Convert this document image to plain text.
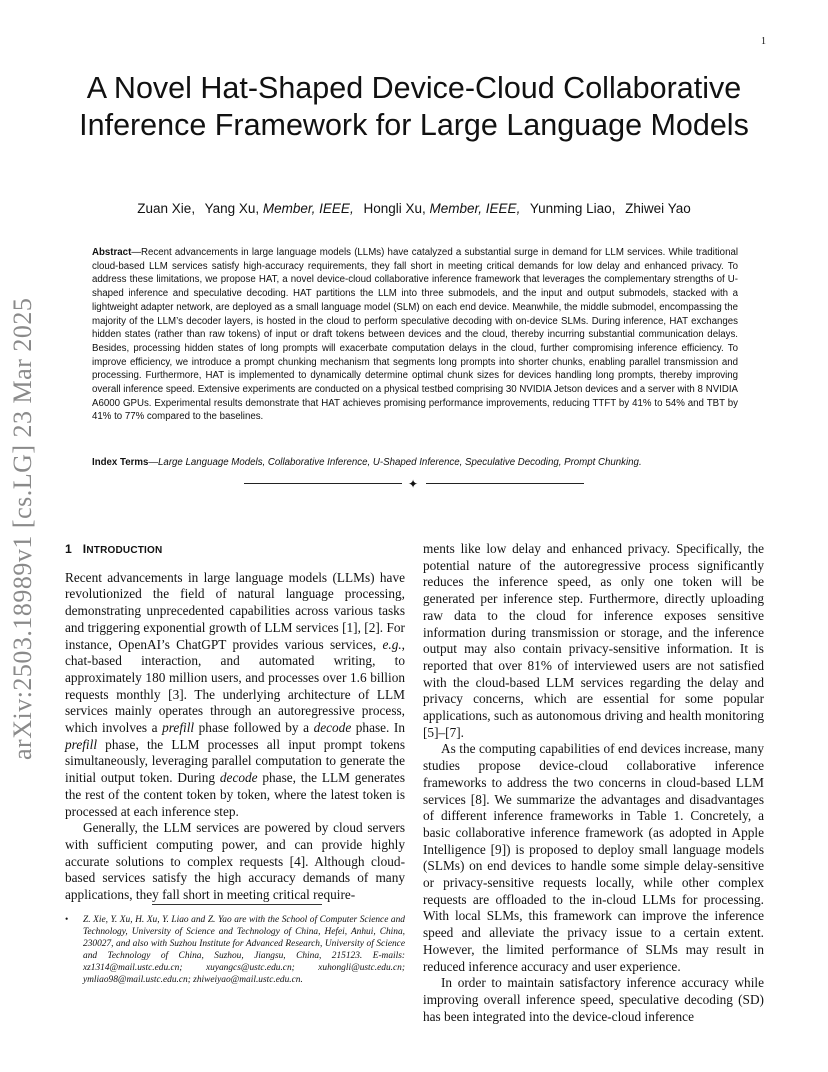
1
arXiv:2503.18989v1 [cs.LG] 23 Mar 2025
A Novel Hat-Shaped Device-Cloud Collaborative Inference Framework for Large Language Models
Zuan Xie, Yang Xu, Member, IEEE, Hongli Xu, Member, IEEE, Yunming Liao, Zhiwei Yao

Abstract—Recent advancements in large language models (LLMs) have catalyzed a substantial surge in demand for LLM services. While traditional cloud-based LLM services satisfy high-accuracy requirements, they fall short in meeting critical demands for low delay and enhanced privacy. To address these limitations, we propose HAT, a novel device-cloud collaborative inference framework that leverages the complementary strengths of U-shaped inference and speculative decoding. HAT partitions the LLM into three submodels, and the input and output submodels, stacked with a lightweight adapter network, are deployed as a small language model (SLM) on each end device. Meanwhile, the middle submodel, encompassing the majority of the LLM’s decoder layers, is hosted in the cloud to perform speculative decoding with on-device SLMs. During inference, HAT exchanges hidden states (rather than raw tokens) of input or draft tokens between devices and the cloud, thereby incurring substantial communication delays. Besides, processing hidden states of long prompts will exacerbate computation delays in the cloud, further compromising inference efficiency. To improve efficiency, we introduce a prompt chunking mechanism that segments long prompts into shorter chunks, enabling parallel transmission and processing. Furthermore, HAT is implemented to dynamically determine optimal chunk sizes for devices handling long prompts, thereby improving overall inference speed. Extensive experiments are conducted on a physical testbed comprising 30 NVIDIA Jetson devices and a server with 8 NVIDIA A6000 GPUs. Experimental results demonstrate that HAT achieves promising performance improvements, reducing TTFT by 41% to 54% and TBT by 41% to 77% compared to the baselines.

Index Terms—Large Language Models, Collaborative Inference, U-Shaped Inference, Speculative Decoding, Prompt Chunking.

✦
1 INTRODUCTION

Recent advancements in large language models (LLMs) have revolutionized the field of natural language processing, demonstrating unprecedented capabilities across various tasks and triggering exponential growth of LLM services [1], [2]. For instance, OpenAI’s ChatGPT provides various services, e.g., chat-based interaction, and automated writing, to approximately 180 million users, and processes over 1.6 billion requests monthly [3]. The underlying architecture of LLM services mainly operates through an autoregressive process, which involves a prefill phase followed by a decode phase. In prefill phase, the LLM processes all input prompt tokens simultaneously, leveraging parallel computation to generate the initial output token. During decode phase, the LLM generates the rest of the content token by token, where the latest token is processed at each inference step.

Generally, the LLM services are powered by cloud servers with sufficient computing power, and can provide highly accurate solutions to complex requests [4]. Although cloud-based services satisfy the high accuracy demands of many applications, they fall short in meeting critical require-

• Z. Xie, Y. Xu, H. Xu, Y. Liao and Z. Yao are with the School of Computer Science and Technology, University of Science and Technology of China, Hefei, Anhui, China, 230027, and also with Suzhou Institute for Advanced Research, University of Science and Technology of China, Suzhou, Jiangsu, China, 215123. E-mails: xz1314@mail.ustc.edu.cn; xuyangcs@ustc.edu.cn; xuhongli@ustc.edu.cn; ymliao98@mail.ustc.edu.cn; zhiweiyao@mail.ustc.edu.cn.

ments like low delay and enhanced privacy. Specifically, the potential nature of the autoregressive process significantly reduces the inference speed, as only one token will be generated per inference step. Furthermore, directly uploading raw data to the cloud for inference exposes sensitive information during transmission or storage, and the inference output may also contain privacy-sensitive information. It is reported that over 81% of interviewed users are not satisfied with the cloud-based LLM services regarding the delay and privacy concerns, which are essential for some popular applications, such as autonomous driving and health monitoring [5]–[7].

As the computing capabilities of end devices increase, many studies propose device-cloud collaborative inference frameworks to address the two concerns in cloud-based LLM services [8]. We summarize the advantages and disadvantages of different inference frameworks in Table 1. Concretely, a basic collaborative inference framework (as adopted in Apple Intelligence [9]) is proposed to deploy small language models (SLMs) on end devices to handle some simple delay-sensitive or privacy-sensitive requests locally, while other complex requests are offloaded to the in-cloud LLMs for processing. With local SLMs, this framework can improve the inference speed and alleviate the privacy issue to a certain extent. However, the limited performance of SLMs may result in reduced inference accuracy and user experience.

In order to maintain satisfactory inference accuracy while improving overall inference speed, speculative decoding (SD) has been integrated into the device-cloud inference
